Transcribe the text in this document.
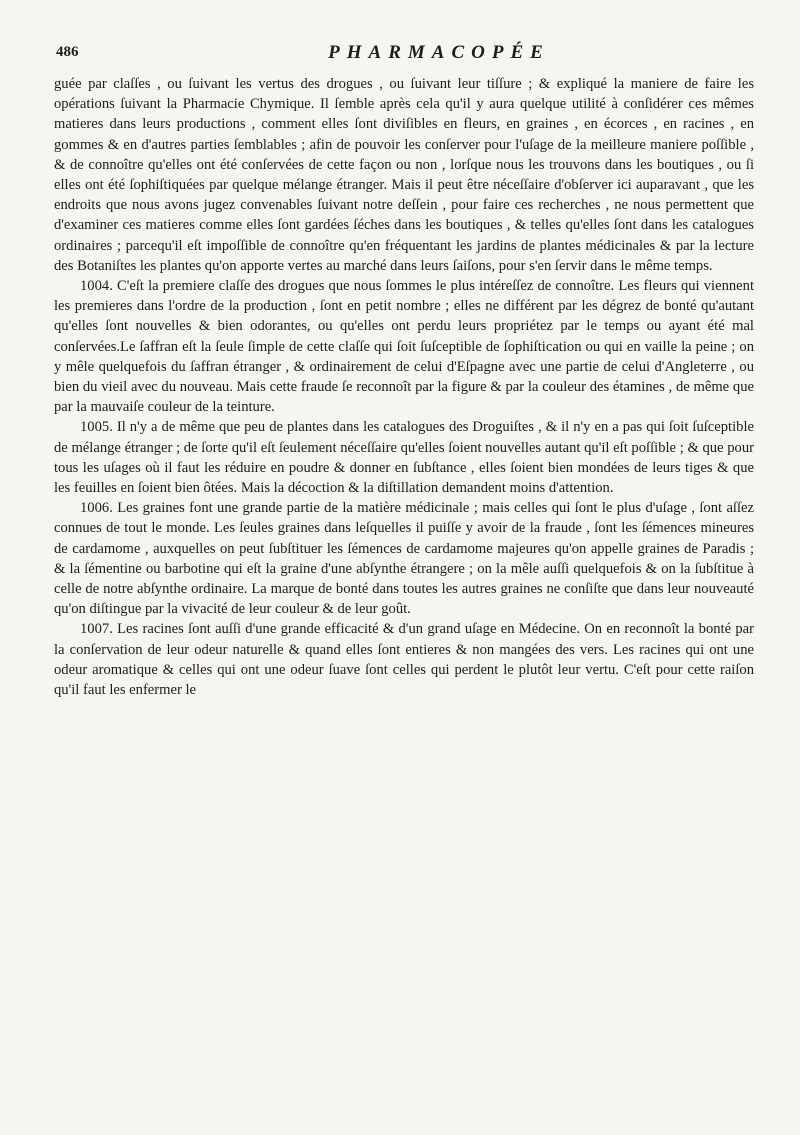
486	PHARMACOPÉE

guée par claſſes , ou ſuivant les vertus des drogues , ou ſuivant leur tiſſure ; & expliqué la maniere de faire les opérations ſuivant la Pharmacie Chymique. Il ſemble après cela qu'il y aura quelque utilité à conſidérer ces mêmes matieres dans leurs productions , comment elles ſont diviſibles en fleurs, en graines , en écorces , en racines , en gommes & en d'autres parties ſemblables ; afin de pouvoir les conſerver pour l'uſage de la meilleure maniere poſſible , & de connoître qu'elles ont été conſervées de cette façon ou non , lorſque nous les trouvons dans les boutiques , ou ſi elles ont été ſophiſtiquées par quelque mélange étranger. Mais il peut être néceſſaire d'obſerver ici auparavant , que les endroits que nous avons jugez convenables ſuivant notre deſſein , pour faire ces recherches , ne nous permettent que d'examiner ces matieres comme elles ſont gardées ſéches dans les boutiques , & telles qu'elles ſont dans les catalogues ordinaires ; parcequ'il eſt impoſſible de connoître qu'en fréquentant les jardins de plantes médicinales & par la lecture des Botaniſtes les plantes qu'on apporte vertes au marché dans leurs ſaiſons, pour s'en ſervir dans le même temps.

1004. C'eſt la premiere claſſe des drogues que nous ſommes le plus intéreſſez de connoître. Les fleurs qui viennent les premieres dans l'ordre de la production , ſont en petit nombre ; elles ne différent par les dégrez de bonté qu'autant qu'elles ſont nouvelles & bien odorantes, ou qu'elles ont perdu leurs propriétez par le temps ou ayant été mal conſervées.Le ſaffran eſt la ſeule ſimple de cette claſſe qui ſoit ſuſceptible de ſophiſtication ou qui en vaille la peine ; on y mêle quelquefois du ſaffran étranger , & ordinairement de celui d'Eſpagne avec une partie de celui d'Angleterre , ou bien du vieil avec du nouveau. Mais cette fraude ſe reconnoît par la figure & par la couleur des étamines , de même que par la mauvaiſe couleur de la teinture.

1005. Il n'y a de même que peu de plantes dans les catalogues des Droguiſtes , & il n'y en a pas qui ſoit ſuſceptible de mélange étranger ; de ſorte qu'il eſt ſeulement néceſſaire qu'elles ſoient nouvelles autant qu'il eſt poſſible ; & que pour tous les uſages où il faut les réduire en poudre & donner en ſubſtance , elles ſoient bien mondées de leurs tiges & que les feuilles en ſoient bien ôtées. Mais la décoction & la diſtillation demandent moins d'attention.

1006. Les graines font une grande partie de la matière médicinale ; mais celles qui ſont le plus d'uſage , ſont aſſez connues de tout le monde. Les ſeules graines dans leſquelles il puiſſe y avoir de la fraude , ſont les ſémences mineures de cardamome , auxquelles on peut ſubſtituer les ſémences de cardamome majeures qu'on appelle graines de Paradis ; & la ſémentine ou barbotine qui eſt la graine d'une abſynthe étrangere ; on la mêle auſſi quelquefois & on la ſubſtitue à celle de notre abſynthe ordinaire. La marque de bonté dans toutes les autres graines ne conſiſte que dans leur nouveauté qu'on diſtingue par la vivacité de leur couleur & de leur goût.

1007. Les racines ſont auſſi d'une grande efficacité & d'un grand uſage en Médecine. On en reconnoît la bonté par la conſervation de leur odeur naturelle & quand elles ſont entieres & non mangées des vers. Les racines qui ont une odeur aromatique & celles qui ont une odeur ſuave ſont celles qui perdent le plutôt leur vertu. C'eſt pour cette raiſon qu'il faut les enfermer le
